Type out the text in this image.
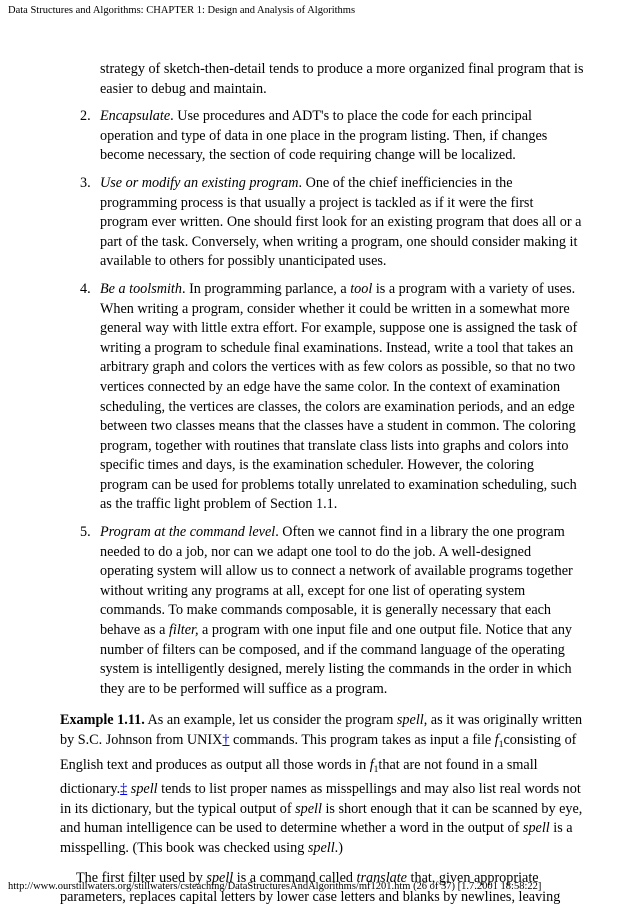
Data Structures and Algorithms: CHAPTER 1: Design and Analysis of Algorithms

strategy of sketch-then-detail tends to produce a more organized final program that is easier to debug and maintain.

2. Encapsulate. Use procedures and ADT's to place the code for each principal operation and type of data in one place in the program listing. Then, if changes become necessary, the section of code requiring change will be localized.
3. Use or modify an existing program. One of the chief inefficiencies in the programming process is that usually a project is tackled as if it were the first program ever written. One should first look for an existing program that does all or a part of the task. Conversely, when writing a program, one should consider making it available to others for possibly unanticipated uses.
4. Be a toolsmith. In programming parlance, a tool is a program with a variety of uses. When writing a program, consider whether it could be written in a somewhat more general way with little extra effort. For example, suppose one is assigned the task of writing a program to schedule final examinations. Instead, write a tool that takes an arbitrary graph and colors the vertices with as few colors as possible, so that no two vertices connected by an edge have the same color. In the context of examination scheduling, the vertices are classes, the colors are examination periods, and an edge between two classes means that the classes have a student in common. The coloring program, together with routines that translate class lists into graphs and colors into specific times and days, is the examination scheduler. However, the coloring program can be used for problems totally unrelated to examination scheduling, such as the traffic light problem of Section 1.1.
5. Program at the command level. Often we cannot find in a library the one program needed to do a job, nor can we adapt one tool to do the job. A well-designed operating system will allow us to connect a network of available programs together without writing any programs at all, except for one list of operating system commands. To make commands composable, it is generally necessary that each behave as a filter, a program with one input file and one output file. Notice that any number of filters can be composed, and if the command language of the operating system is intelligently designed, merely listing the commands in the order in which they are to be performed will suffice as a program.

Example 1.11. As an example, let us consider the program spell, as it was originally written by S.C. Johnson from UNIX† commands. This program takes as input a file $f_1consisting$ of English text and produces as output all those words in $f_1that$ are not found in a small dictionary.‡ spell tends to list proper names as misspellings and may also list real words not in its dictionary, but the typical output of spell is short enough that it can be scanned by eye, and human intelligence can be used to determine whether a word in the output of spell is a misspelling. (This book was checked using spell.)

The first filter used by spell is a command called translate that, given appropriate parameters, replaces capital letters by lower case letters and blanks by newlines, leaving

http://www.ourstillwaters.org/stillwaters/csteaching/DataStructuresAndAlgorithms/mf1201.htm (26 of 37) [1.7.2001 18:58:22]
